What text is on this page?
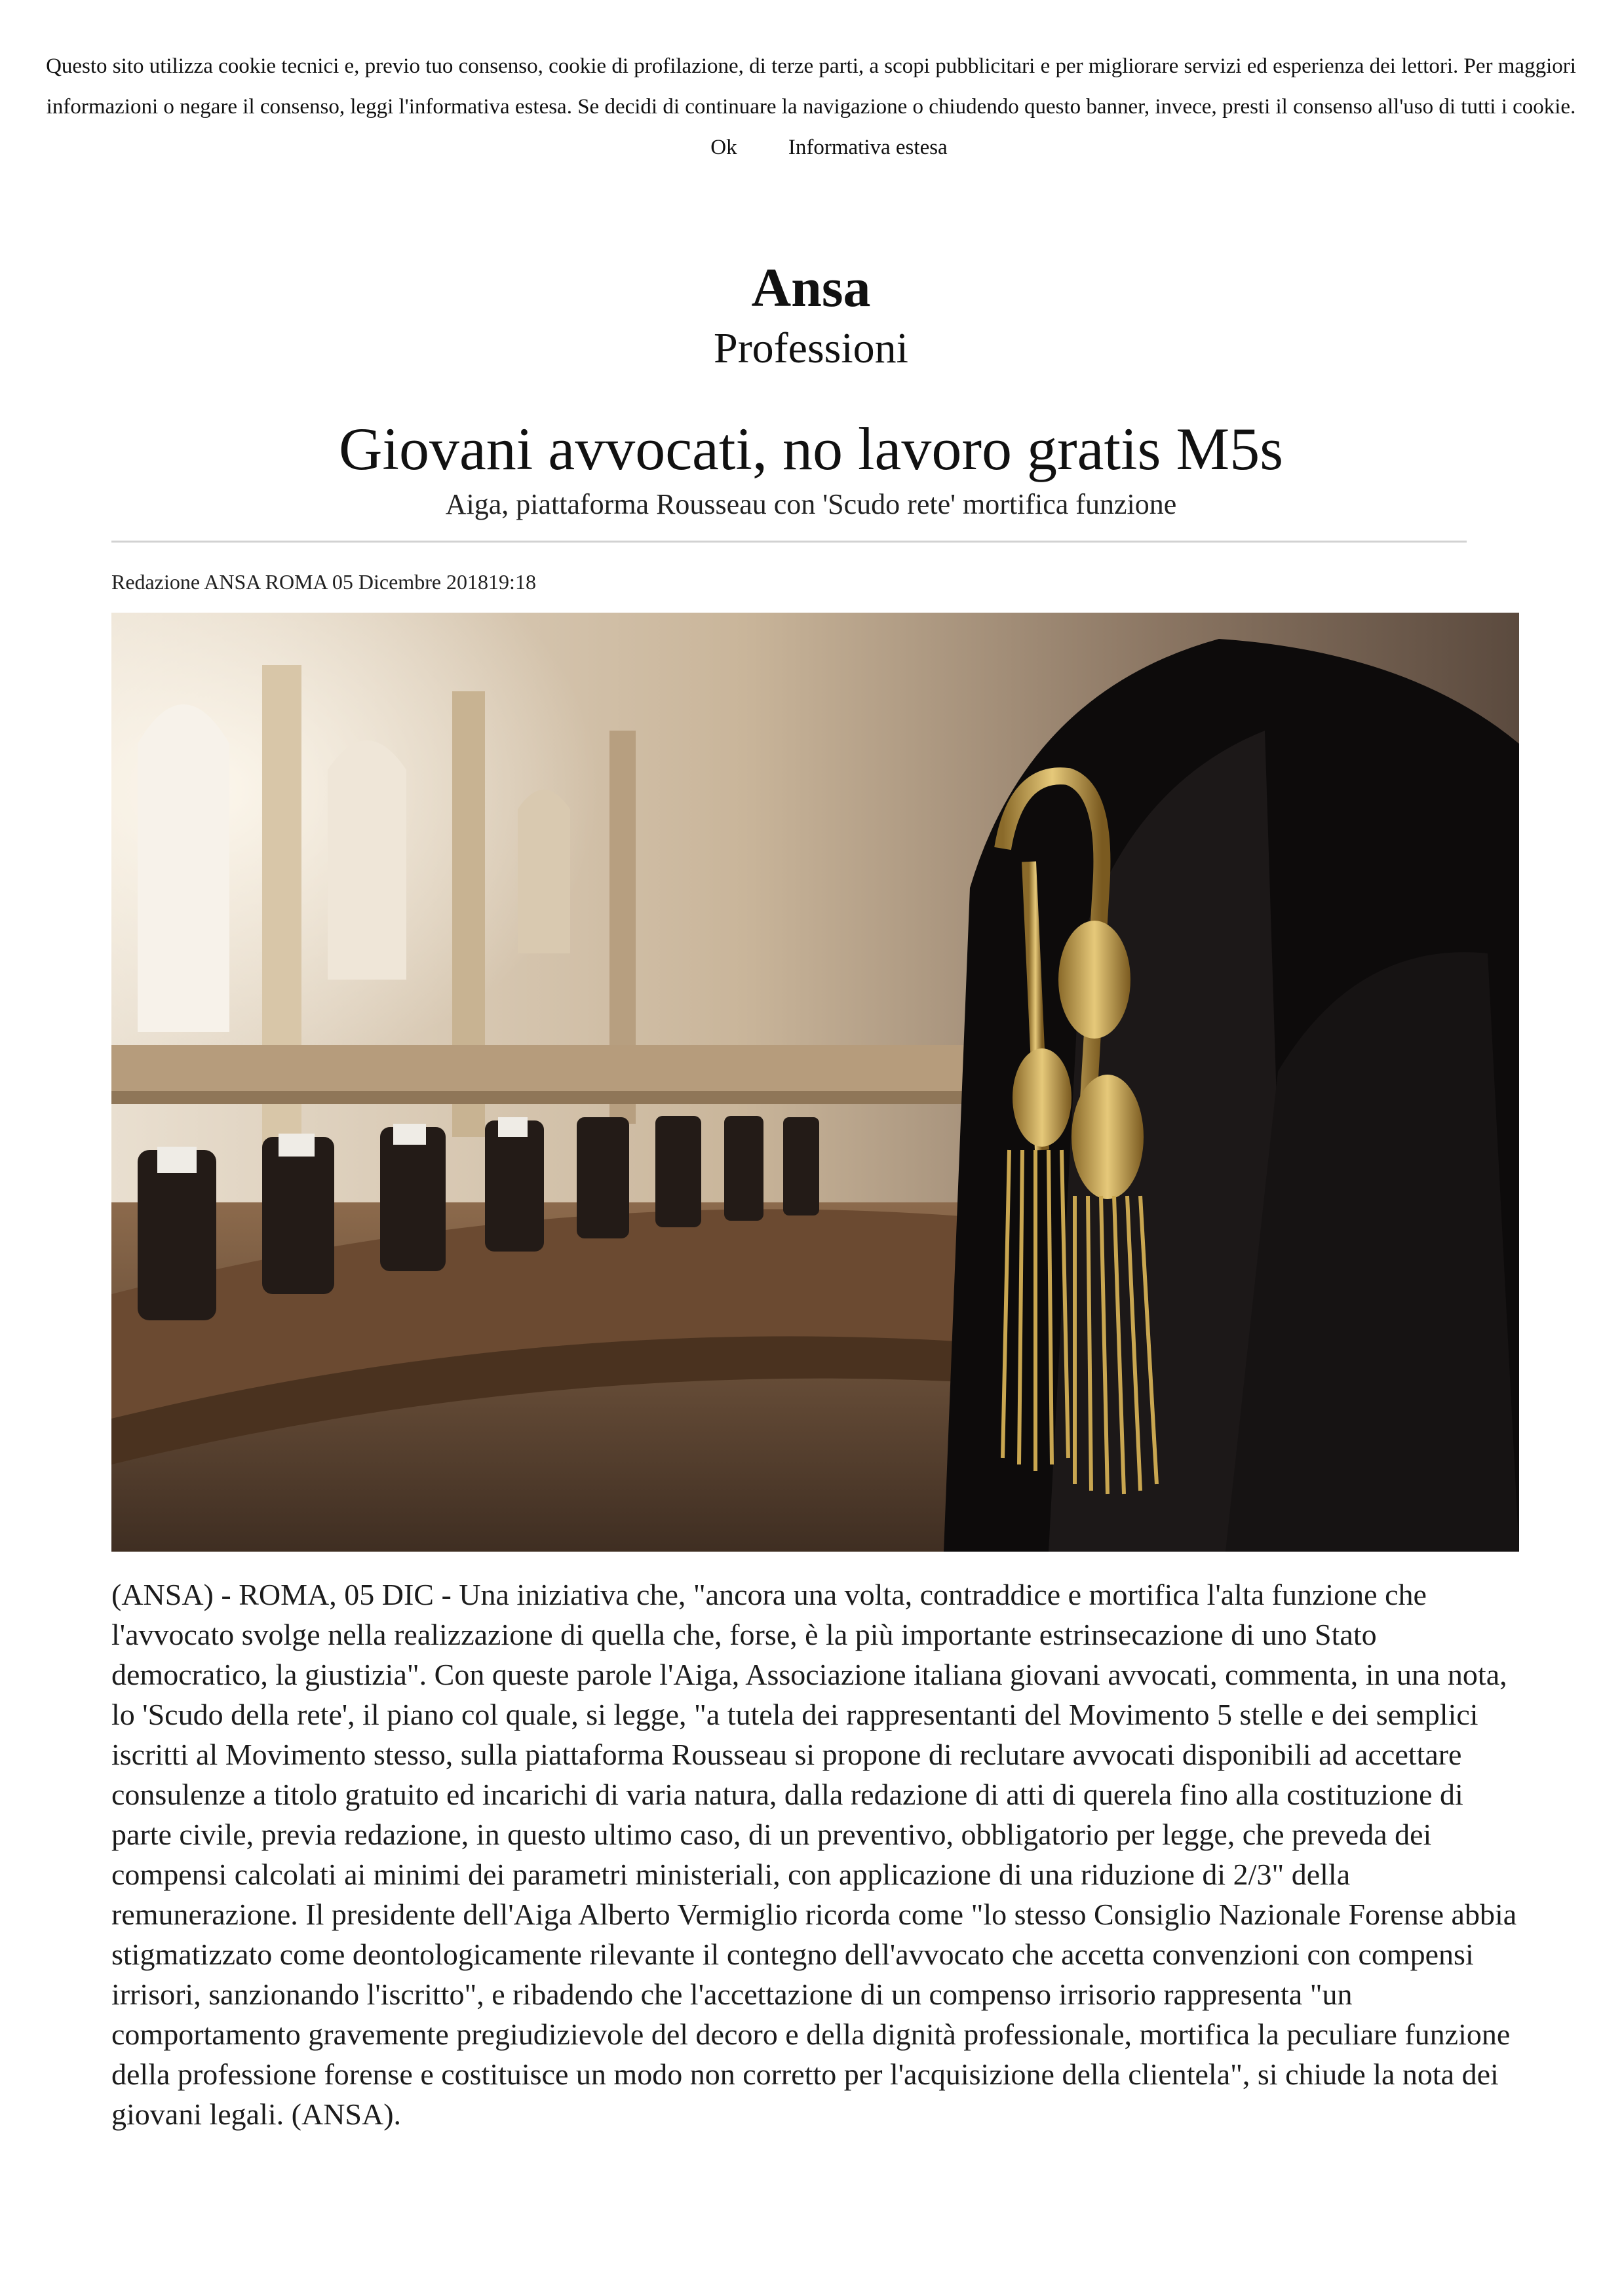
Questo sito utilizza cookie tecnici e, previo tuo consenso, cookie di profilazione, di terze parti, a scopi pubblicitari e per migliorare servizi ed esperienza dei lettori. Per maggiori informazioni o negare il consenso, leggi l'informativa estesa. Se decidi di continuare la navigazione o chiudendo questo banner, invece, presti il consenso all'uso di tutti i cookie. Ok Informativa estesa
Ansa
Professioni
Giovani avvocati, no lavoro gratis M5s
Aiga, piattaforma Rousseau con 'Scudo rete' mortifica funzione
Redazione ANSA ROMA 05 Dicembre 201819:18

(ANSA) - ROMA, 05 DIC - Una iniziativa che, "ancora una volta, contraddice e mortifica l'alta funzione che l'avvocato svolge nella realizzazione di quella che, forse, è la più importante estrinsecazione di uno Stato democratico, la giustizia". Con queste parole l'Aiga, Associazione italiana giovani avvocati, commenta, in una nota, lo 'Scudo della rete', il piano col quale, si legge, "a tutela dei rappresentanti del Movimento 5 stelle e dei semplici iscritti al Movimento stesso, sulla piattaforma Rousseau si propone di reclutare avvocati disponibili ad accettare consulenze a titolo gratuito ed incarichi di varia natura, dalla redazione di atti di querela fino alla costituzione di parte civile, previa redazione, in questo ultimo caso, di un preventivo, obbligatorio per legge, che preveda dei compensi calcolati ai minimi dei parametri ministeriali, con applicazione di una riduzione di 2/3" della remunerazione. Il presidente dell'Aiga Alberto Vermiglio ricorda come "lo stesso Consiglio Nazionale Forense abbia stigmatizzato come deontologicamente rilevante il contegno dell'avvocato che accetta convenzioni con compensi irrisori, sanzionando l'iscritto", e ribadendo che l'accettazione di un compenso irrisorio rappresenta "un comportamento gravemente pregiudizievole del decoro e della dignità professionale, mortifica la peculiare funzione della professione forense e costituisce un modo non corretto per l'acquisizione della clientela", si chiude la nota dei giovani legali. (ANSA).
